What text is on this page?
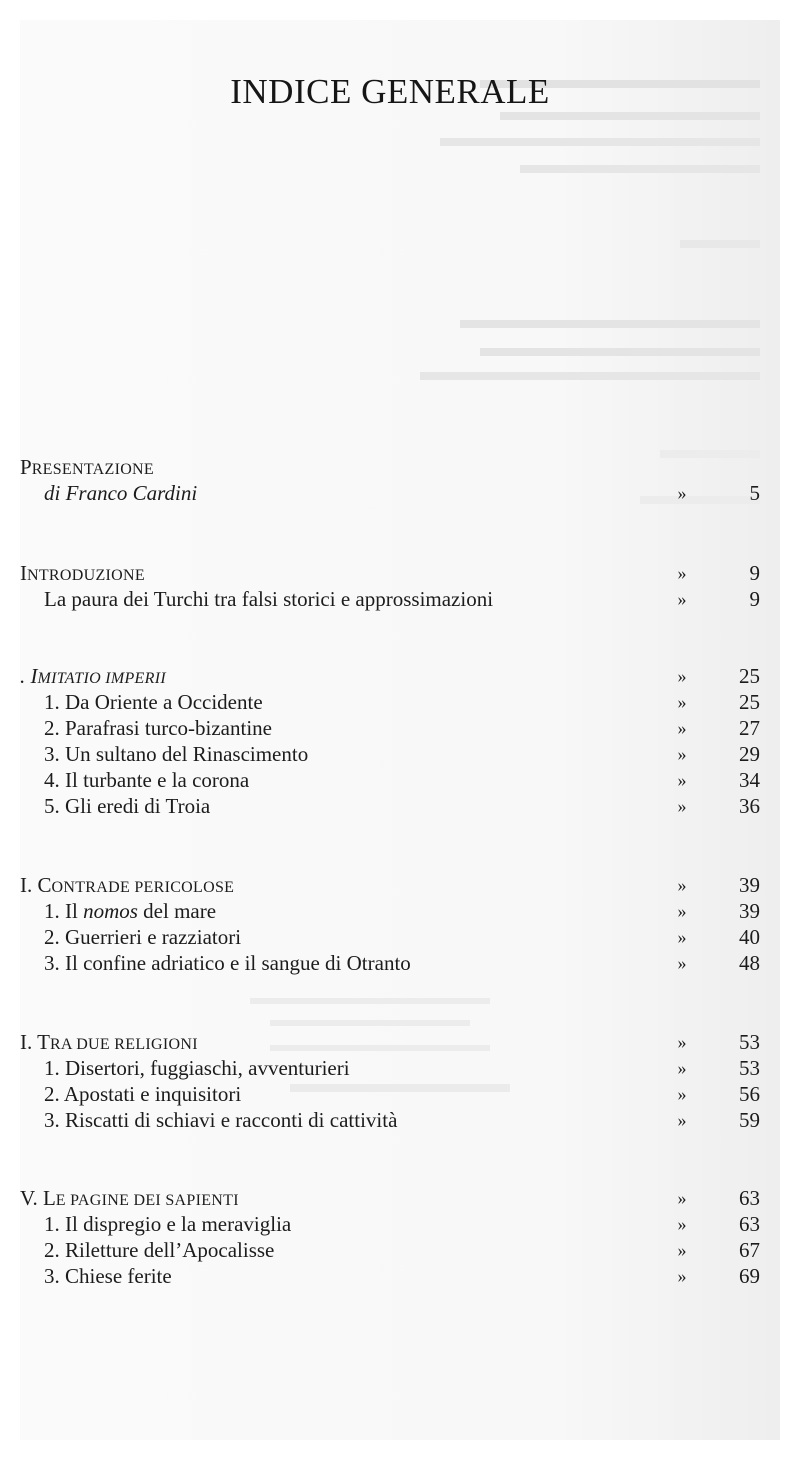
INDICE GENERALE
PRESENTAZIONE
di Franco Cardini	»	5
INTRODUZIONE	»	9
La paura dei Turchi tra falsi storici e approssimazioni	»	9
. IMITATIO IMPERII	»	25
1. Da Oriente a Occidente	»	25
2. Parafrasi turco-bizantine	»	27
3. Un sultano del Rinascimento	»	29
4. Il turbante e la corona	»	34
5. Gli eredi di Troia	»	36
I. CONTRADE PERICOLOSE	»	39
1. Il nomos del mare	»	39
2. Guerrieri e razziatori	»	40
3. Il confine adriatico e il sangue di Otranto	»	48
I. TRA DUE RELIGIONI	»	53
1. Disertori, fuggiaschi, avventurieri	»	53
2. Apostati e inquisitori	»	56
3. Riscatti di schiavi e racconti di cattività	»	59
V. LE PAGINE DEI SAPIENTI	»	63
1. Il dispregio e la meraviglia	»	63
2. Riletture dell’Apocalisse	»	67
3. Chiese ferite	»	69
